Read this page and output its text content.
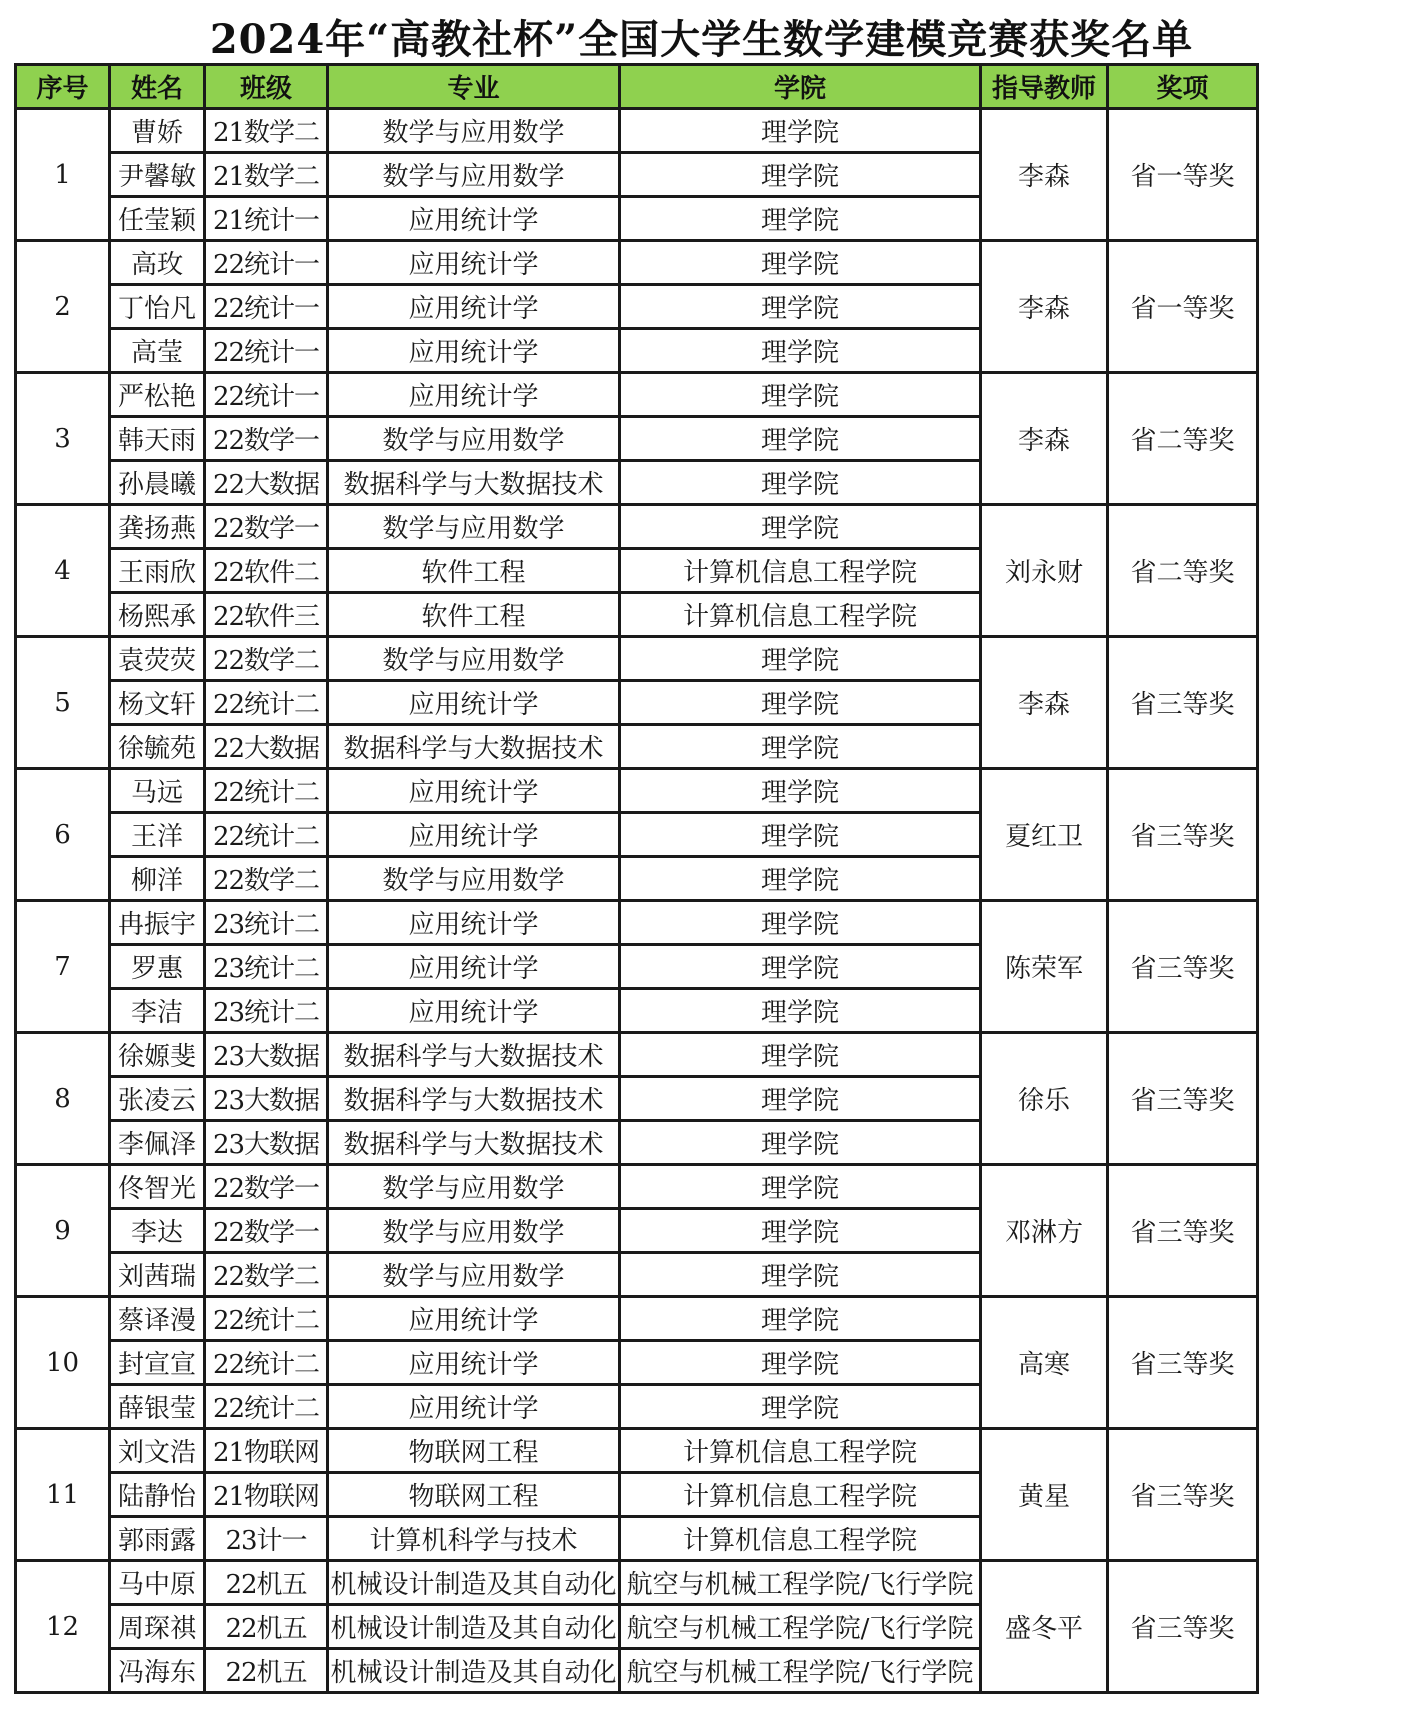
2024年“高教社杯”全国大学生数学建模竞赛获奖名单
序号	姓名	班级	专业	学院	指导教师	奖项
1	曹娇	21数学二	数学与应用数学	理学院	李森	省一等奖
	尹馨敏	21数学二	数学与应用数学	理学院		
	任莹颖	21统计一	应用统计学	理学院		
2	高玫	22统计一	应用统计学	理学院	李森	省一等奖
	丁怡凡	22统计一	应用统计学	理学院		
	高莹	22统计一	应用统计学	理学院		
3	严松艳	22统计一	应用统计学	理学院	李森	省二等奖
	韩天雨	22数学一	数学与应用数学	理学院		
	孙晨曦	22大数据	数据科学与大数据技术	理学院		
4	龚扬燕	22数学一	数学与应用数学	理学院	刘永财	省二等奖
	王雨欣	22软件二	软件工程	计算机信息工程学院		
	杨熙承	22软件三	软件工程	计算机信息工程学院		
5	袁荧荧	22数学二	数学与应用数学	理学院	李森	省三等奖
	杨文轩	22统计二	应用统计学	理学院		
	徐毓苑	22大数据	数据科学与大数据技术	理学院		
6	马远	22统计二	应用统计学	理学院	夏红卫	省三等奖
	王洋	22统计二	应用统计学	理学院		
	柳洋	22数学二	数学与应用数学	理学院		
7	冉振宇	23统计二	应用统计学	理学院	陈荣军	省三等奖
	罗惠	23统计二	应用统计学	理学院		
	李洁	23统计二	应用统计学	理学院		
8	徐嫄斐	23大数据	数据科学与大数据技术	理学院	徐乐	省三等奖
	张凌云	23大数据	数据科学与大数据技术	理学院		
	李佩泽	23大数据	数据科学与大数据技术	理学院		
9	佟智光	22数学一	数学与应用数学	理学院	邓淋方	省三等奖
	李达	22数学一	数学与应用数学	理学院		
	刘茜瑞	22数学二	数学与应用数学	理学院		
10	蔡译漫	22统计二	应用统计学	理学院	高寒	省三等奖
	封宣宣	22统计二	应用统计学	理学院		
	薛银莹	22统计二	应用统计学	理学院		
11	刘文浩	21物联网	物联网工程	计算机信息工程学院	黄星	省三等奖
	陆静怡	21物联网	物联网工程	计算机信息工程学院		
	郭雨露	23计一	计算机科学与技术	计算机信息工程学院		
12	马中原	22机五	机械设计制造及其自动化	航空与机械工程学院/飞行学院	盛冬平	省三等奖
	周琛祺	22机五	机械设计制造及其自动化	航空与机械工程学院/飞行学院		
	冯海东	22机五	机械设计制造及其自动化	航空与机械工程学院/飞行学院		
